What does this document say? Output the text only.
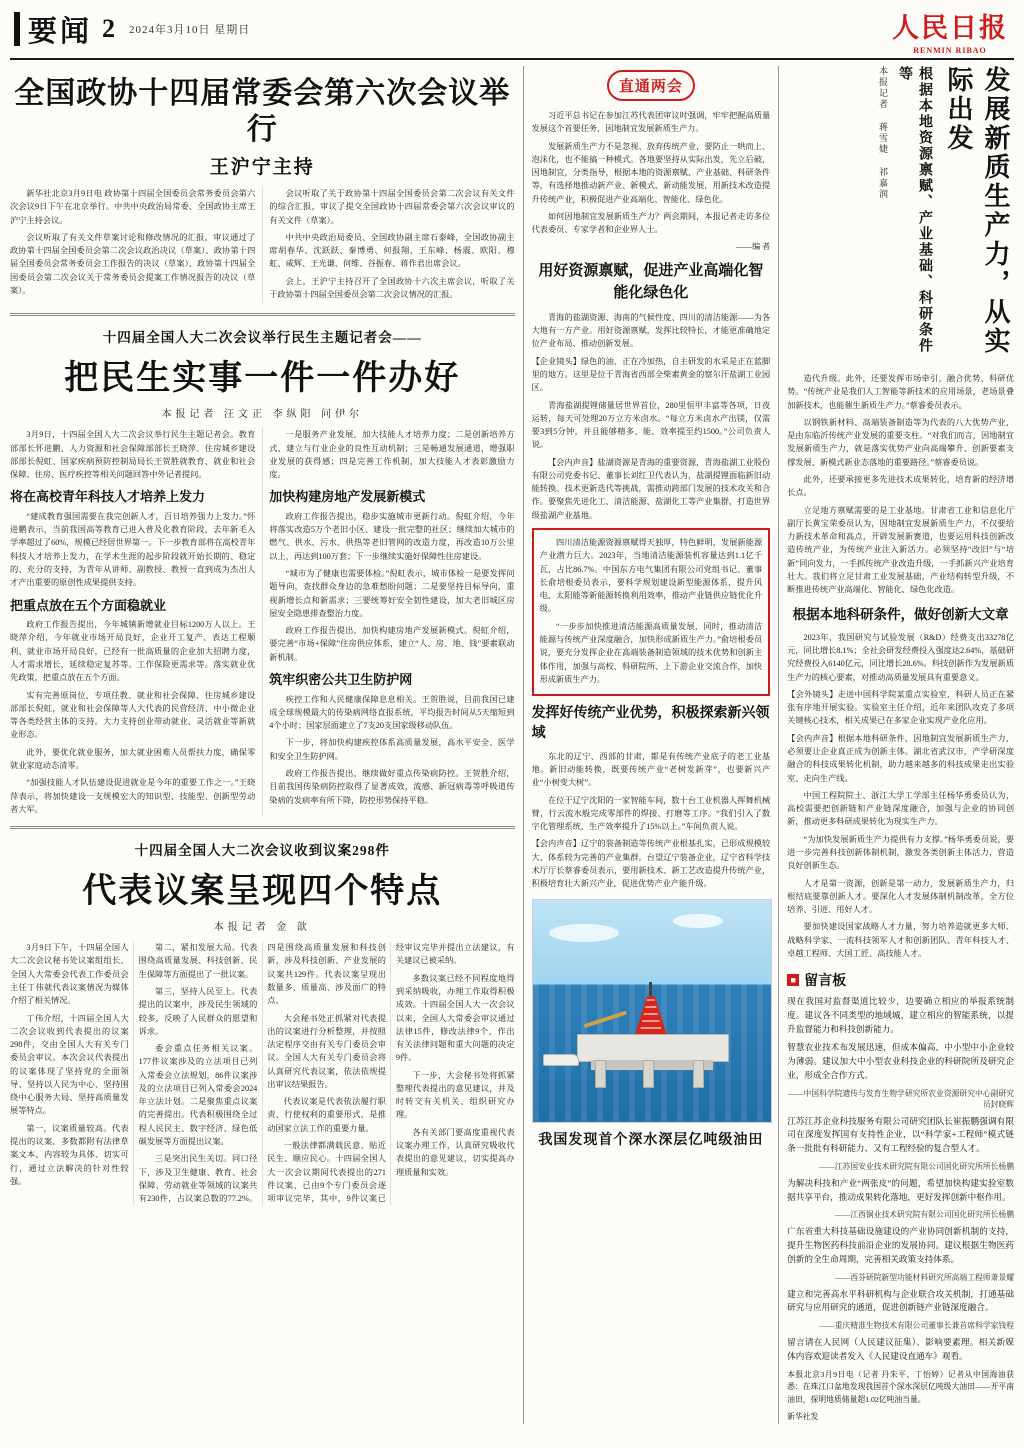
要闻 2 2024年3月10日 星期日	人民日报
RENMIN RIBAO
全国政协十四届常委会第六次会议举行
王沪宁主持

新华社北京3月9日电 政协第十四届全国委员会常务委员会第六次会议9日下午在北京举行。中共中央政治局常委、全国政协主席王沪宁主持会议。

会议听取了有关文件草案讨论和修改情况的汇报，审议通过了政协第十四届全国委员会第二次会议政治决议（草案）、政协第十四届全国委员会常务委员会工作报告的决议（草案）、政协第十四届全国委员会第二次会议关于常务委员会提案工作情况报告的决议（草案）。

会议听取了关于政协第十四届全国委员会第二次会议有关文件的综合汇报，审议了提交全国政协十四届常委会第六次会议审议的有关文件（草案）。

中共中央政治局委员、全国政协副主席石泰峰，全国政协副主席胡春华、沈跃跃、秦博勇、何报翔、王东峰、杨震、欧阳、穆虹、咸辉、王光谦、何维、谷振春、蒋作君出席会议。

会上，王沪宁主持召开了全国政协十六次主席会议，听取了关于政协第十四届全国委员会第二次会议情况的汇报。

十四届全国人大二次会议举行民生主题记者会——
把民生实事一件一件办好
本报记者 汪文正 李纵阳 问伊尔

3月9日，十四届全国人大二次会议举行民生主题记者会。教育部部长怀进鹏、人力资源和社会保障部部长王晓萍、住房城乡建设部部长倪虹、国家疾病预防控制局局长王贺胜就教育、就业和社会保障、住房、医疗疾控等相关问题回答中外记者提问。

将在高校青年科技人才培养上发力

“建成教育强国需要在我完创新人才，百日培养强力上发力。”怀进鹏表示，当前我国高等教育已进入普及化教育阶段，去年新毛入学率超过了60%，规模已经居世界第一。下一步教育部将在高校青年科技人才培养上发力，在学术生涯的起步阶段就开始长期的、稳定的、充分的支持，为青年从讲师、副教授、教授一直到成为杰出人才产出重要的原创性成果提供支持。

把重点放在五个方面稳就业

政府工作报告提出，今年城镇新增就业目标1200万人以上。王晓萍介绍，今年就业市场开局良好，企业开工复产、表达工程顺利、就业市场开局良好，已经有一批高质量的企业加大招聘力度，人才需求增长，延续稳定复苏等。工作保险更需求等。落实就业优先政策，把重点放在五个方面。

实有完善原岗位、专项任教、就业和社会保障、住房城乡建设部部长倪虹，就业和社会保障等人大代表的民营经济、中小微企业等各类经营主体的支持。大力支持创业带动就业、灵活就业等新就业形态。

此外，要优化就业服务，加大就业困难人员帮扶力度，确保零就业家庭动态清零。

“加强技能人才队伍建设促进就业是今年的重要工作之一。”王晓萍表示，将加快建设一支规模宏大的知识型、技能型、创新型劳动者大军。

一是服务产业发展，加大技能人才培养力度；二是创新培养方式，建立与行业企业的良性互动机制；三是畅通发展通道，增强职业发展的获得感；四是完善工作机制，加大技能人才表彰激励力度。

加快构建房地产发展新模式

政府工作报告提出，稳步实施城市更新行动。倪虹介绍，今年将落实改造5万个老旧小区、建设一批完整的社区；继续加大城市的燃气、供水、污水、供热等老旧管网的改造力度，再改造10万公里以上，再达到100万套；下一步继续实施好保障性住房建设。

“城市为了健康也需要体检。”倪虹表示，城市体检一是要发挥问题导向，查找群众身边的急难愁盼问题；二是要坚持目标导向，重视新增长点和新需求；三要统筹好安全韧性建设，加大老旧城区房屋安全隐患排查整治力度。

政府工作报告提出，加快构建房地产发展新模式。倪虹介绍，要完善“市场+保障”住房供应体系，建立“人、房、地、钱”要素联动新机制。

筑牢织密公共卫生防护网

疾控工作和人民健康保障息息相关。王贺胜说，目前我国已建成全球规模最大的传染病网络直报系统，平均报告时间从5天缩短到4个小时；国家层面建立了7支20支国家级移动队伍。

下一步，将加快构建疾控体系高质量发展，高水平安全、医学和安全卫生防护网。

政府工作报告提出，继续做好重点传染病防控。王贺胜介绍，目前我国传染病防控取得了显著成效，流感、新冠病毒等呼吸道传染病的发病率有所下降，防控形势保持平稳。

十四届全国人大二次会议收到议案298件
代表议案呈现四个特点
本报记者 金 歆

3月9日下午，十四届全国人大二次会议秘书处议案组组长、全国人大常委会代表工作委员会主任丁伟就代表议案情况为媒体介绍了相关情况。

丁伟介绍，十四届全国人大二次会议收到代表提出的议案298件，交由全国人大有关专门委员会审议。本次会议代表提出的议案体现了坚持党的全面领导、坚持以人民为中心、坚持围绕中心服务大局、坚持高质量发展等特点。

第一，议案质量较高。代表提出的议案，多数都附有法律草案文本，内容较为具体、切实可行，通过立法解决的针对性较强。

第二，紧扣发展大局。代表围绕高质量发展、科技创新、民生保障等方面提出了一批议案。

第三，坚持人民至上。代表提出的议案中，涉及民生领域的较多，反映了人民群众的愿望和诉求。

委会重点任务相关议案。177件议案涉及的立法项目已列入常委会立法规划，86件议案涉及的立法项目已列入常委会2024年立法计划。二是聚焦重点议案的完善提出。代表积极围绕全过程人民民主、数字经济、绿色低碳发展等方面提出议案。

三是突出民生关切。同口径下，涉及卫生健康、教育、社会保障、劳动就业等领域的议案共有230件，占议案总数的77.2%。四是围绕高质量发展和科技创新，涉及科技创新、产业发展的议案共129件。代表议案呈现出数量多、质量高、涉及面广的特点。

大会秘书处正抓紧对代表提出的议案进行分析整理，并按照法定程序交由有关专门委员会审议。全国人大有关专门委员会将认真研究代表议案，依法依规提出审议结果报告。

代表议案是代表依法履行职责、行使权利的重要形式，是推动国家立法工作的重要力量。

一般法律都满载民意、贴近民生、顺应民心。十四届全国人大一次会议期间代表提出的271件议案，已由9个专门委员会逐项审议完毕，其中，9件议案已经审议完毕并提出立法建议，有关建议已被采纳。

多数议案已经不同程度地得到采纳吸收，办理工作取得积极成效。十四届全国人大一次会议以来，全国人大常委会审议通过法律15件，修改法律9个，作出有关法律问题和重大问题的决定9件。

下一步，大会秘书处将抓紧整理代表提出的意见建议，并及时转交有关机关、组织研究办理。

各有关部门要高度重视代表议案办理工作，认真研究吸收代表提出的意见建议，切实提高办理质量和实效。

直通两会

习近平总书记在参加江苏代表团审议时强调，牢牢把握高质量发展这个首要任务，因地制宜发展新质生产力。

发展新质生产力不是忽视、放弃传统产业，要防止一哄而上、泡沫化，也不能搞一种模式。各地要坚持从实际出发，先立后破，因地制宜，分类指导，根据本地的资源禀赋、产业基础、科研条件等，有选择地推动新产业、新模式、新动能发展，用新技术改造提升传统产业，积极促进产业高端化、智能化、绿色化。

如何因地制宜发展新质生产力？两会期间，本报记者走访多位代表委员、专家学者和企业界人士。

——编 者

用好资源禀赋，促进产业高端化智能化绿色化

青海的盐湖资源、海南的气候性度、四川的清洁能源——为各大地有一方产业。用好资源禀赋，发挥比较特长，才能更准确地定位产业布局、推动创新发展。

【企业镜头】绿色的油、正在冷加热，自主研发的水采是正在蓝脚里的地方。这里是位于青海省西部全柴素黄金的察尔汗盐湖工业园区。

青海盐湖提锂储量居世界首位，280里恒甲丰富等各项，日夜运转，每天可处理20万立方米卤水。“每立方米卤水产出镁，仅需要3到5分钟，并且能够精多、能、效率提至约1500。”公司负责人说。

【会内声音】盐湖资源是青海的重要资源，青海盐湖工业股份有限公司党委书记、董事长刘红卫代表认为，盐湖提锂面临新旧动能转换、技术更新迭代等挑战，需推动跨部门发展的技术攻关和合作。要聚焦先进化工、清洁能源、盐湖化工等产业集群，打造世界级盐湖产业基地。

四川清洁能源资源禀赋得天独厚，特色鲜明，发展新能源产业潜力巨大。2023年，当地清洁能源装机容量达到1.1亿千瓦，占比86.7%。中国东方电气集团有限公司党组书记、董事长俞培根委员表示，要科学规划建设新型能源体系，提升风电、太阳能等新能源转换利用效率，推动产业链供应链优化升级。

“一步步加快推进清洁能源高质量发展，同时，推动清洁能源与传统产业深度融合，加快形成新质生产力。”俞培根委员说，要充分发挥企业在高端装备制造领域的技术优势和创新主体作用，加强与高校、科研院所、上下游企业交流合作，加快形成新质生产力。

发挥好传统产业优势，积极探索新兴领域

东北的辽宁、西部的甘肃，都是有传统产业底子的老工业基地。新旧动能转换，既要传统产业“老树发新芽”，也要新兴产业“小树变大树”。

在位于辽宁沈阳的一家智能车间，数十台工业机器人挥舞机械臂，行云流水般完成零部件的焊接、打磨等工序。“我们引入了数字化管理系统，生产效率提升了15%以上。”车间负责人说。

【会内声音】辽宁的装备制造等传统产业根基扎实，已形成规模较大、体系较为完善的产业集群。台望辽宁装备企业，辽宁省科学技术厅厅长蔡睿委员表示，要用新技术、新工艺改造提升传统产业，积极培育壮大新兴产业，促进优势产业产能升级。

我国发现首个深水深层亿吨级油田
本报记者 蒋雪婕 祁嘉润	根据本地资源禀赋、产业基础、科研条件等	发展新质生产力，从实际出发

造代升级。此外，还要发挥市场牵引、融合优势、科研优势。“传统产业是我们人工智能等新技术的应用场景，老场景叠加新技术，也能催生新质生产力。”蔡睿委员表示。

以钢铁新材料、高端装备制造等为代表的八大优势产业，是由东临沂传统产业发展的重要支柱。“对我们而言，因地制宜发展新质生产力，就是落实优势产业向高端攀升、创新要素支撑发展、新模式新业态落地的重要路径。”蔡睿委员说。

此外，还要承接更多先进技术成果转化，培育新的经济增长点。

立足地方禀赋需要的是工业基地。甘肃省工业和信息化厅副厅长黄宝荣委员认为，因地制宜发展新质生产力，不仅要给力新技术革命和高点，开辟发展新赛道，也要运用科技创新改造传统产业，为传统产业注入新活力。必须坚持“改旧”与“培新”同向发力，一手抓传统产业改造升级，一手抓新兴产业培育壮大。我们将立足甘肃工业发展基础，产业结构转型升级，不断推进传统产业高端化、智能化、绿色化改造。

根据本地科研条件，做好创新大文章

2023年，我国研究与试验发展（R&D）经费支出33278亿元，同比增长8.1%；全社会研发经费投入强度达2.64%，基础研究经费投入6140亿元，同比增长28.6%。科技创新作为发展新质生产力的核心要素，对推动高质量发展具有重要意义。

【会外镜头】走进中国科学院某重点实验室，科研人员正在紧张有序地开展实验。实验室主任介绍，近年来团队攻克了多项关键核心技术，相关成果已在多家企业实现产业化应用。

【会内声音】根据本地科研条件，因地制宜发展新质生产力，必须要让企业真正成为创新主体。湖北省武汉市，产学研深度融合的科技成果转化机制，助力越来越多的科技成果走出实验室、走向生产线。

中国工程院院士、浙江大学工学部主任杨华勇委员认为，高校需要把创新链和产业链深度融合，加强与企业的协同创新，推动更多科研成果转化为现实生产力。

“为加快发展新质生产力提供有力支撑。”杨华勇委员说，要进一步完善科技创新体制机制，激发各类创新主体活力，营造良好创新生态。

人才是第一资源，创新是第一动力，发展新质生产力，归根结底要靠创新人才。要深化人才发展体制机制改革，全方位培养、引进、用好人才。

要加快建设国家战略人才力量，努力培养造就更多大师、战略科学家、一流科技领军人才和创新团队、青年科技人才、卓越工程师、大国工匠、高技能人才。

■ 留言板

现在我国对监督渠道比较少，边要确立相应的举报系统制度。建议各不同类型的地域城，建立相应的智能系统，以提升监督能力和科技创新能力。

智慧农业技术布发展迅速，但成本偏高，中小型中小企业较为薄弱。建议加大中小型农业科技企业的科研院所及研究企业，形成全合作方式。

——中国科学院遗传与发育生物学研究所农业资源研究中心副研究员封晓辉

江苏江苏企业科技服务有限公司研究团队长崔振鹏强调有限司在深度发挥国有支持性企业，以“科学家+工程师”模式链条一批批有科研能力、又有工程经验的复合型人才。

——江苏国安业技术研究院有限公司国化研究所所长杨鹏

为解决科技和产业“两张皮”的问题，希望加快构建实验室数据共享平台，推动成果转化落地，更好发挥创新中枢作用。

——江西铜业技术研究院有限公司国化研究所长杨鹏

广东省重大科技基础设施建设的产业协同创新机制的支持，提升生物医药科技前沿企业的发展协同。建议根据生物医药创新的全生命周期，完善相关政策支持体系。

——西芬研院新型功能材料研究所高端工程师萧景耀

建立和完善高水平科研机构与企业联合攻关机制，打通基础研究与应用研究的通道，促进创新链产业链深度融合。

——重庆精准生物技术有限公司董事长兼首席科学家钱程

留言请在人民网（人民建议征集）、影响要素理。相关新媒体内容欢迎读者发入《人民建设直通车》观看。

本报北京3月9日电（记者 丹朱平、丁怡婷）记者从中国海油获悉：在珠江口盆地发现我国首个深水深层亿吨级大油田——开平南油田，探明地质储量超1.02亿吨油当量。

新华社发
